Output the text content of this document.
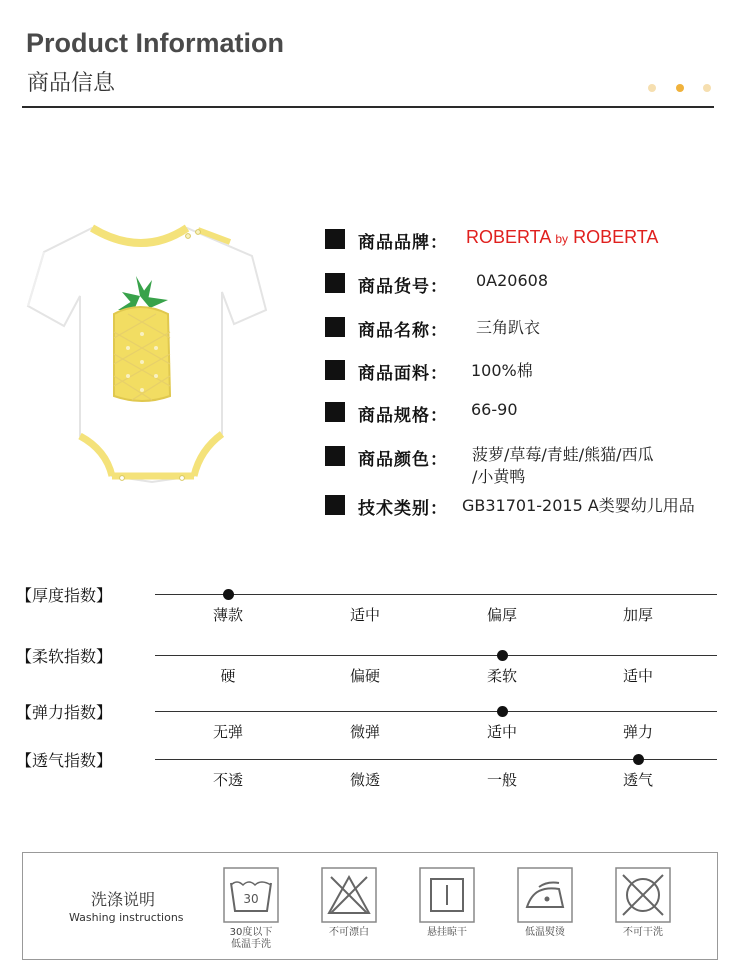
Product Information
商品信息
商品品牌： ROBERTA by ROBERTA
商品货号： 0A20608
商品名称： 三角趴衣
商品面料： 100%棉
商品规格： 66-90
商品颜色： 菠萝/草莓/青蛙/熊猫/西瓜
/小黄鸭
技术类别： GB31701-2015 A类婴幼儿用品
【厚度指数】
薄款	适中	偏厚	加厚
【柔软指数】
硬	偏硬	柔软	适中
【弹力指数】
无弹	微弹	适中	弹力
【透气指数】
不透	微透	一般	透气
洗涤说明
Washing instructions
30
30度以下
低温手洗
不可漂白	悬挂晾干	低温熨烫	不可干洗
